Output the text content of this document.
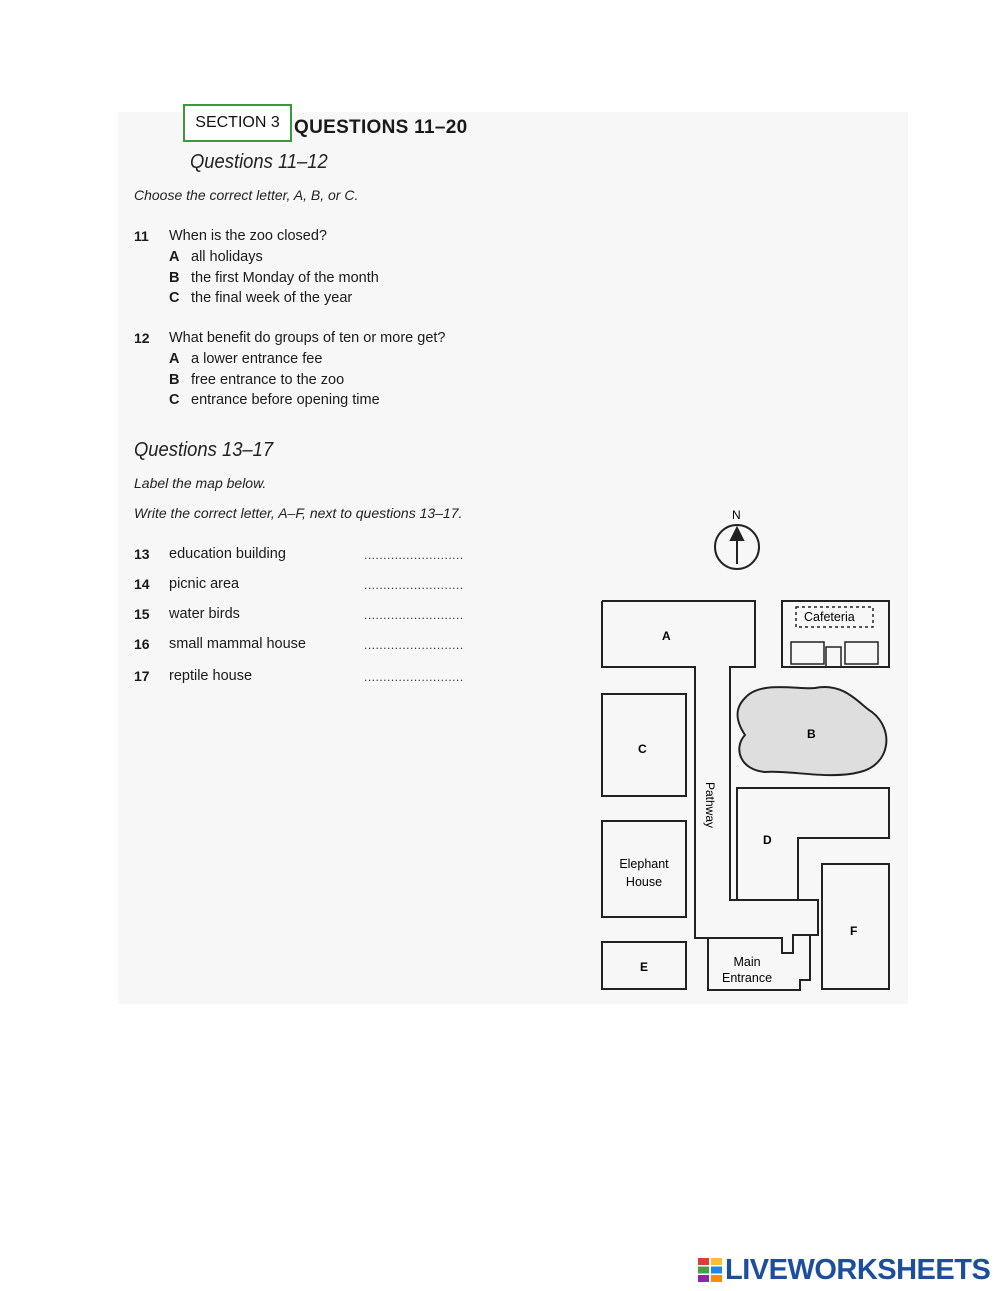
SECTION 3 QUESTIONS 11–20
Questions 11–12
Choose the correct letter, A, B, or C.
11 When is the zoo closed?
A all holidays
B the first Monday of the month
C the final week of the year
12 What benefit do groups of ten or more get?
A a lower entrance fee
B free entrance to the zoo
C entrance before opening time
Questions 13–17
Label the map below.
Write the correct letter, A–F, next to questions 13–17.
13 education building	..........................
14 picnic area	..........................
15 water birds	..........................
16 small mammal house	..........................
17 reptile house	..........................
N
A
Cafeteria
B
C
Pathway
D
Elephant
House
F
E	Main
Entrance
LIVEWORKSHEETS
